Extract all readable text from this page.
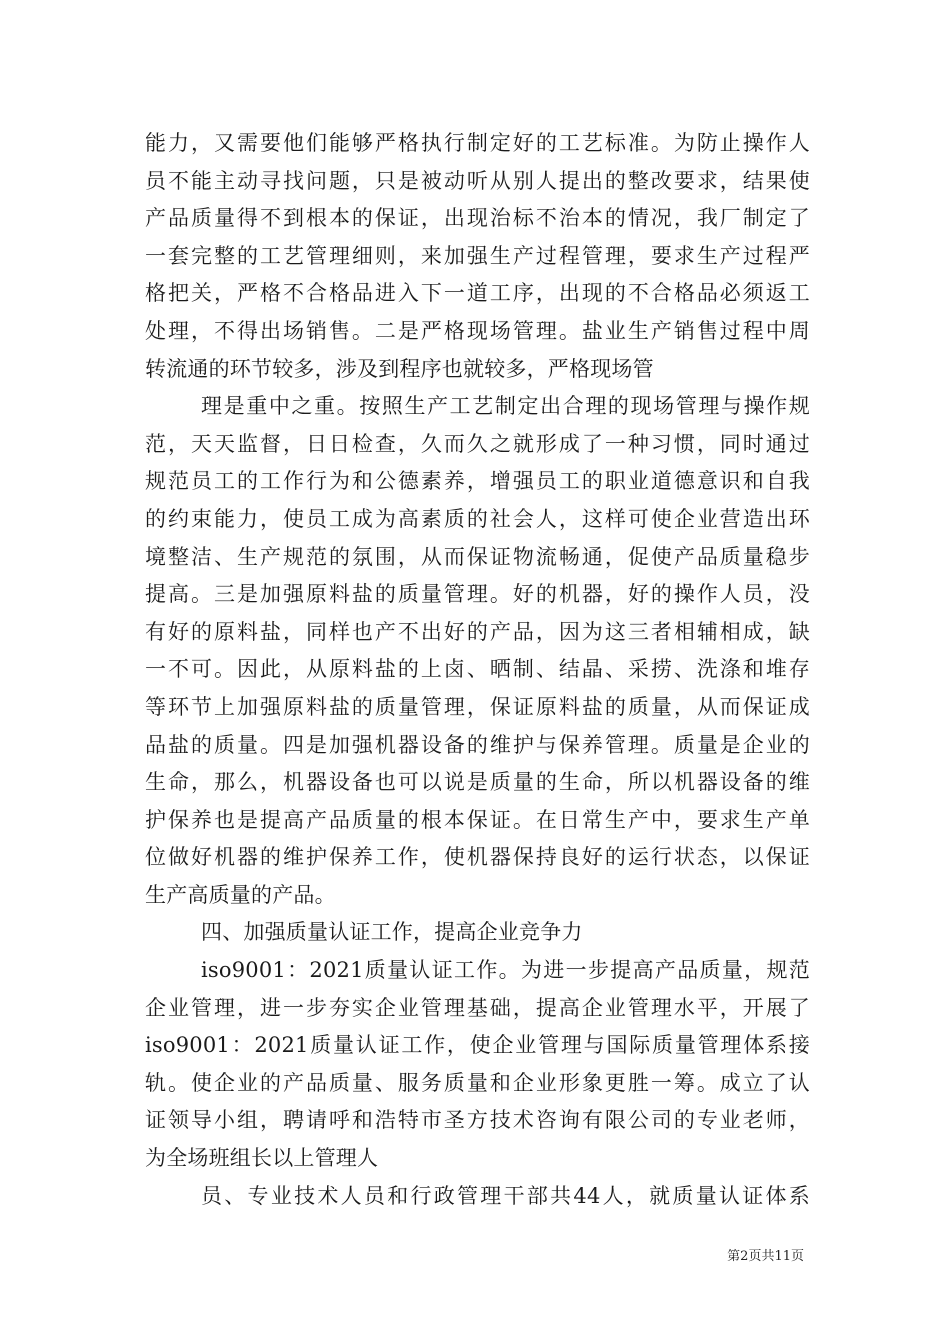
能力，又需要他们能够严格执行制定好的工艺标准。为防止操作人
员不能主动寻找问题，只是被动听从别人提出的整改要求，结果使
产品质量得不到根本的保证，出现治标不治本的情况，我厂制定了
一套完整的工艺管理细则，来加强生产过程管理，要求生产过程严
格把关，严格不合格品进入下一道工序，出现的不合格品必须返工
处理，不得出场销售。二是严格现场管理。盐业生产销售过程中周
转流通的环节较多，涉及到程序也就较多，严格现场管
理是重中之重。按照生产工艺制定出合理的现场管理与操作规
范，天天监督，日日检查，久而久之就形成了一种习惯，同时通过
规范员工的工作行为和公德素养，增强员工的职业道德意识和自我
的约束能力，使员工成为高素质的社会人，这样可使企业营造出环
境整洁、生产规范的氛围，从而保证物流畅通，促使产品质量稳步
提高。三是加强原料盐的质量管理。好的机器，好的操作人员，没
有好的原料盐，同样也产不出好的产品，因为这三者相辅相成，缺
一不可。因此，从原料盐的上卤、晒制、结晶、采捞、洗涤和堆存
等环节上加强原料盐的质量管理，保证原料盐的质量，从而保证成
品盐的质量。四是加强机器设备的维护与保养管理。质量是企业的
生命，那么，机器设备也可以说是质量的生命，所以机器设备的维
护保养也是提高产品质量的根本保证。在日常生产中，要求生产单
位做好机器的维护保养工作，使机器保持良好的运行状态，以保证
生产高质量的产品。
四、加强质量认证工作，提高企业竞争力
iso9001：2021质量认证工作。为进一步提高产品质量，规范
企业管理，进一步夯实企业管理基础，提高企业管理水平，开展了
iso9001：2021质量认证工作，使企业管理与国际质量管理体系接
轨。使企业的产品质量、服务质量和企业形象更胜一筹。成立了认
证领导小组，聘请呼和浩特市圣方技术咨询有限公司的专业老师，
为全场班组长以上管理人
员、专业技术人员和行政管理干部共44人，就质量认证体系
第2页共11页
